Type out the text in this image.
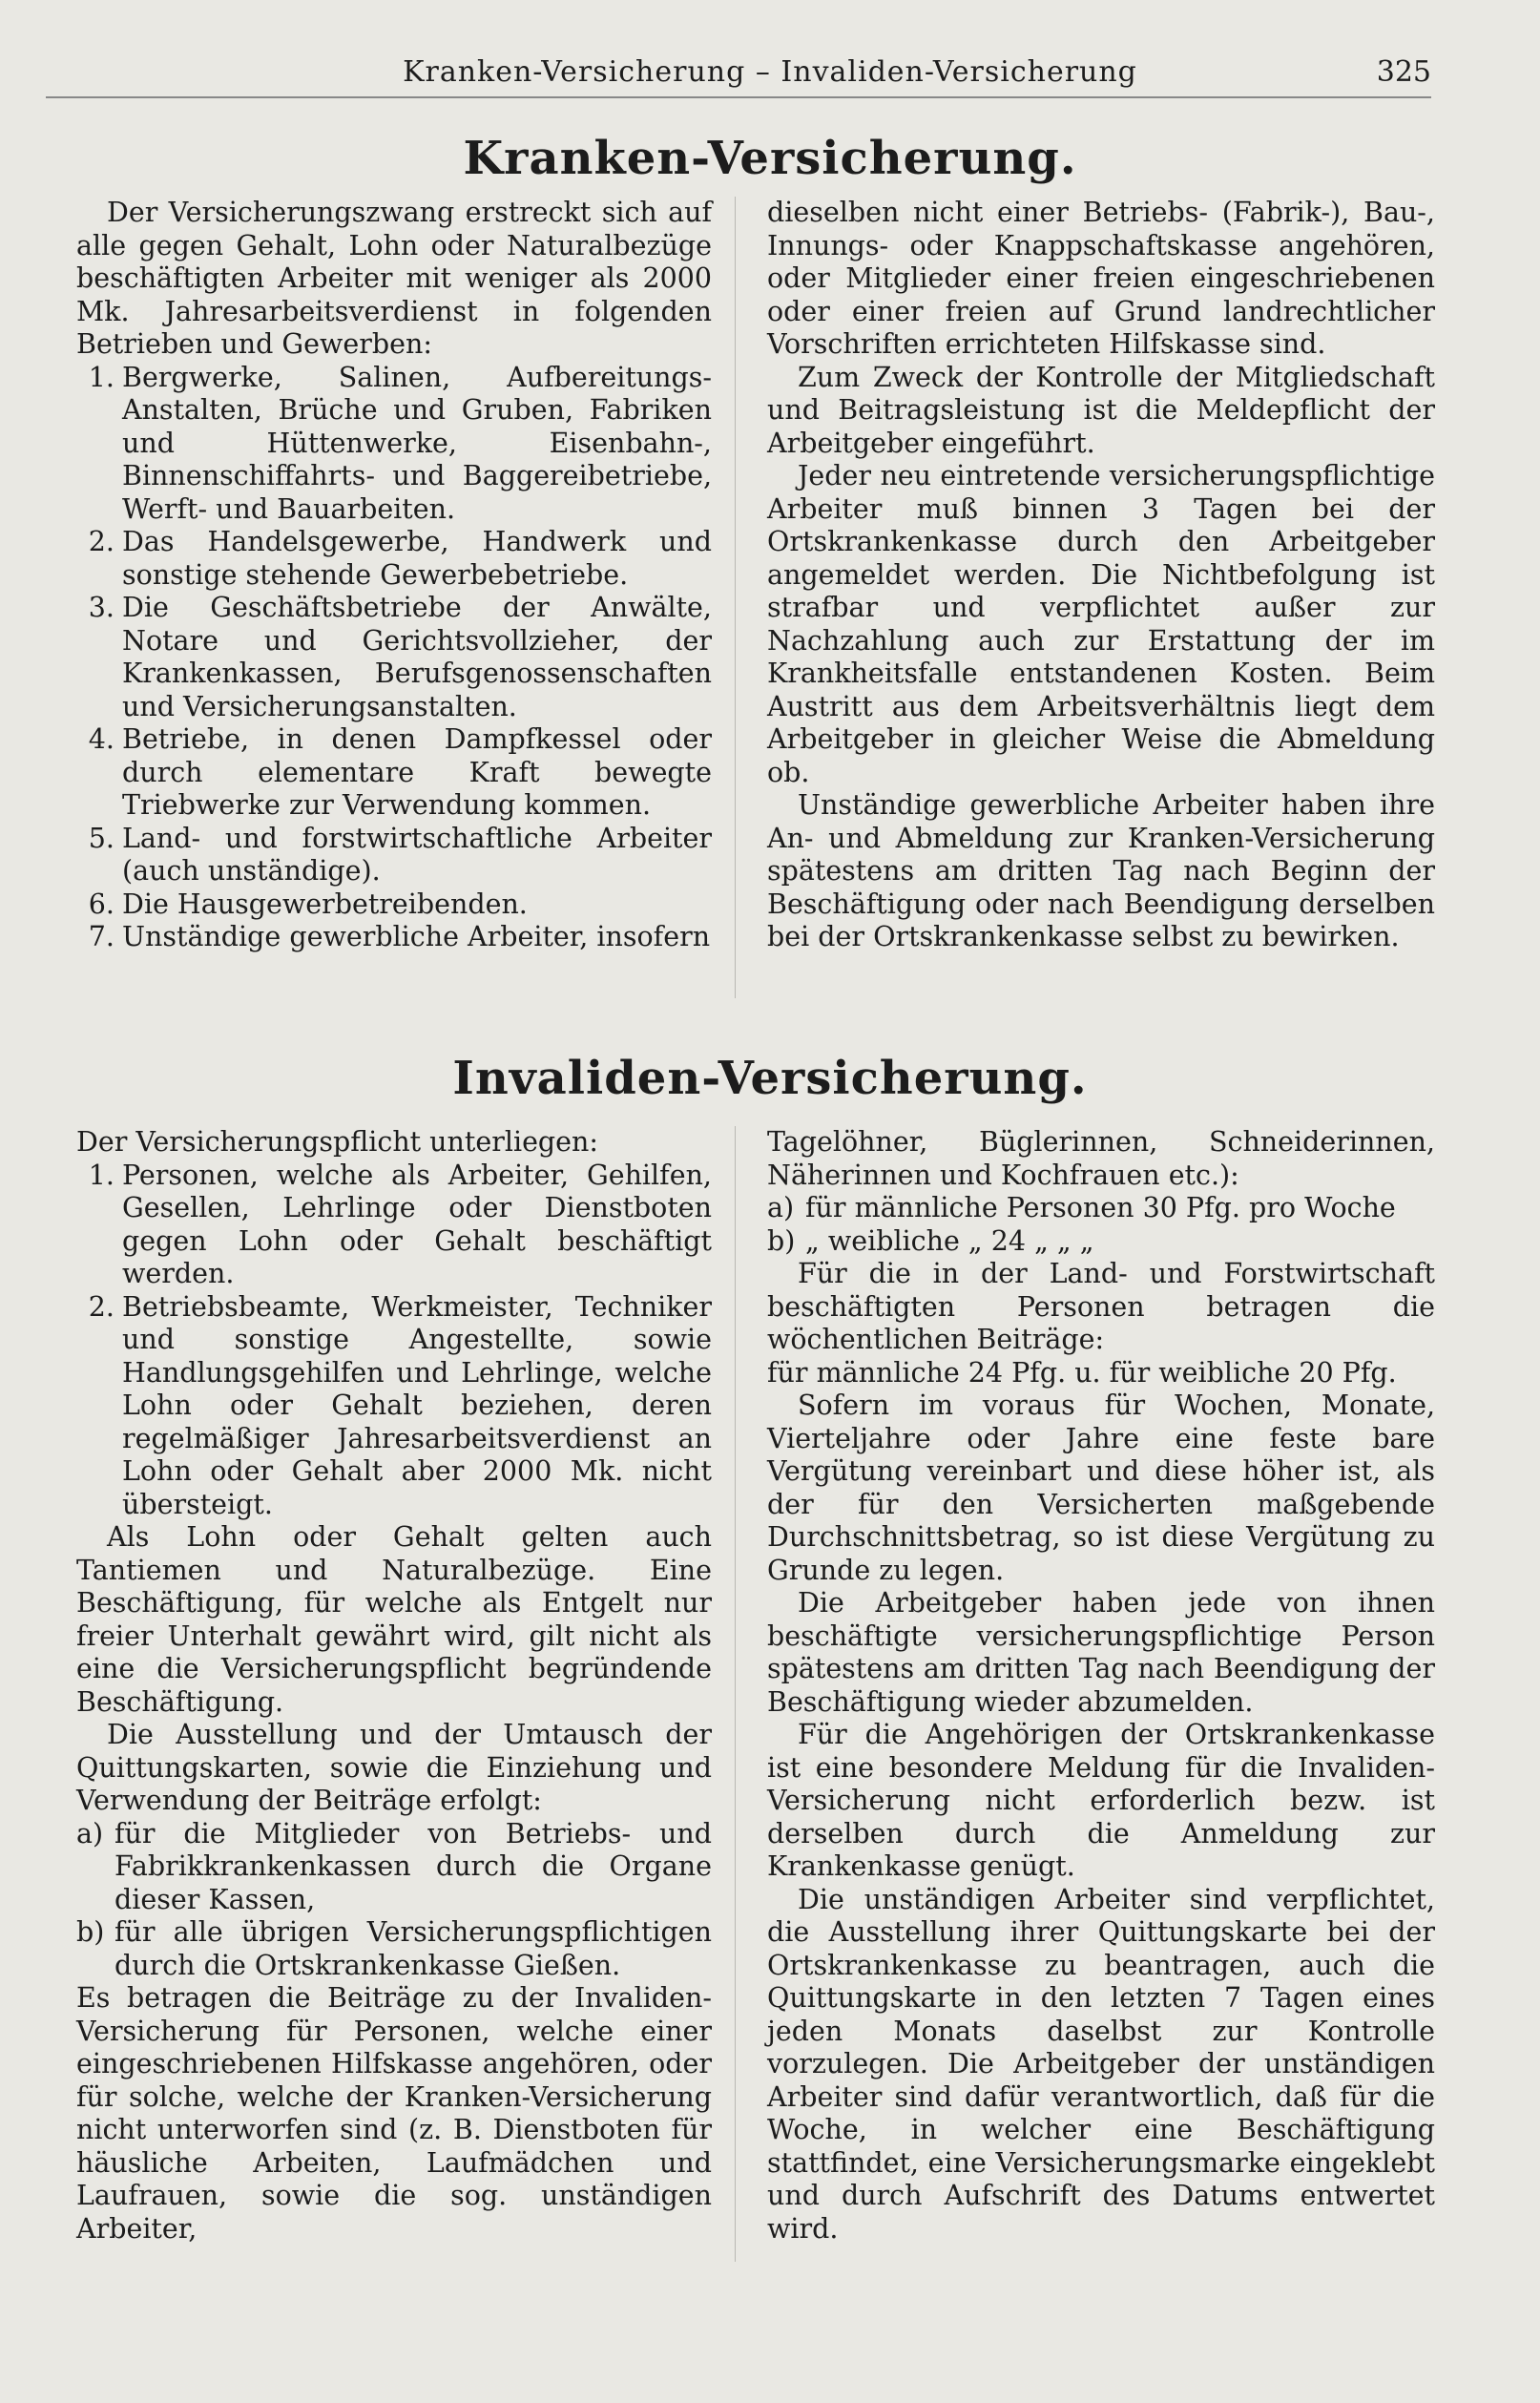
Kranken-Versicherung – Invaliden-Versicherung	325
Kranken-Versicherung.

Der Versicherungszwang erstreckt sich auf alle gegen Gehalt, Lohn oder Naturalbezüge beschäftigten Arbeiter mit weniger als 2000 Mk. Jahresarbeitsverdienst in folgenden Betrieben und Gewerben:

1. Bergwerke, Salinen, Aufbereitungs-Anstalten, Brüche und Gruben, Fabriken und Hüttenwerke, Eisenbahn-, Binnenschiffahrts- und Baggereibetriebe, Werft- und Bauarbeiten.
2. Das Handelsgewerbe, Handwerk und sonstige stehende Gewerbebetriebe.
3. Die Geschäftsbetriebe der Anwälte, Notare und Gerichtsvollzieher, der Krankenkassen, Berufsgenossenschaften und Versicherungsanstalten.
4. Betriebe, in denen Dampfkessel oder durch elementare Kraft bewegte Triebwerke zur Verwendung kommen.
5. Land- und forstwirtschaftliche Arbeiter (auch unständige).
6. Die Hausgewerbetreibenden.
7. Unständige gewerbliche Arbeiter, insofern

dieselben nicht einer Betriebs- (Fabrik-), Bau-, Innungs- oder Knappschaftskasse angehören, oder Mitglieder einer freien eingeschriebenen oder einer freien auf Grund landrechtlicher Vorschriften errichteten Hilfskasse sind.

Zum Zweck der Kontrolle der Mitgliedschaft und Beitragsleistung ist die Meldepflicht der Arbeitgeber eingeführt.

Jeder neu eintretende versicherungspflichtige Arbeiter muß binnen 3 Tagen bei der Ortskrankenkasse durch den Arbeitgeber angemeldet werden. Die Nichtbefolgung ist strafbar und verpflichtet außer zur Nachzahlung auch zur Erstattung der im Krankheitsfalle entstandenen Kosten. Beim Austritt aus dem Arbeitsverhältnis liegt dem Arbeitgeber in gleicher Weise die Abmeldung ob.

Unständige gewerbliche Arbeiter haben ihre An- und Abmeldung zur Kranken-Versicherung spätestens am dritten Tag nach Beginn der Beschäftigung oder nach Beendigung derselben bei der Ortskrankenkasse selbst zu bewirken.

Invaliden-Versicherung.

Der Versicherungspflicht unterliegen:

1. Personen, welche als Arbeiter, Gehilfen, Gesellen, Lehrlinge oder Dienstboten gegen Lohn oder Gehalt beschäftigt werden.
2. Betriebsbeamte, Werkmeister, Techniker und sonstige Angestellte, sowie Handlungsgehilfen und Lehrlinge, welche Lohn oder Gehalt beziehen, deren regelmäßiger Jahresarbeitsverdienst an Lohn oder Gehalt aber 2000 Mk. nicht übersteigt.

Als Lohn oder Gehalt gelten auch Tantiemen und Naturalbezüge. Eine Beschäftigung, für welche als Entgelt nur freier Unterhalt gewährt wird, gilt nicht als eine die Versicherungspflicht begründende Beschäftigung.

Die Ausstellung und der Umtausch der Quittungskarten, sowie die Einziehung und Verwendung der Beiträge erfolgt:

a) für die Mitglieder von Betriebs- und Fabrikkrankenkassen durch die Organe dieser Kassen,
b) für alle übrigen Versicherungspflichtigen durch die Ortskrankenkasse Gießen.

Es betragen die Beiträge zu der Invaliden-Versicherung für Personen, welche einer eingeschriebenen Hilfskasse angehören, oder für solche, welche der Kranken-Versicherung nicht unterworfen sind (z. B. Dienstboten für häusliche Arbeiten, Laufmädchen und Laufrauen, sowie die sog. unständigen Arbeiter,

Tagelöhner, Büglerinnen, Schneiderinnen, Näherinnen und Kochfrauen etc.):

a) für männliche Personen 30 Pfg. pro Woche
b) „ weibliche „ 24 „ „ „

Für die in der Land- und Forstwirtschaft beschäftigten Personen betragen die wöchentlichen Beiträge:

für männliche 24 Pfg. u. für weibliche 20 Pfg.

Sofern im voraus für Wochen, Monate, Vierteljahre oder Jahre eine feste bare Vergütung vereinbart und diese höher ist, als der für den Versicherten maßgebende Durchschnittsbetrag, so ist diese Vergütung zu Grunde zu legen.

Die Arbeitgeber haben jede von ihnen beschäftigte versicherungspflichtige Person spätestens am dritten Tag nach Beendigung der Beschäftigung wieder abzumelden.

Für die Angehörigen der Ortskrankenkasse ist eine besondere Meldung für die Invaliden-Versicherung nicht erforderlich bezw. ist derselben durch die Anmeldung zur Krankenkasse genügt.

Die unständigen Arbeiter sind verpflichtet, die Ausstellung ihrer Quittungskarte bei der Ortskrankenkasse zu beantragen, auch die Quittungskarte in den letzten 7 Tagen eines jeden Monats daselbst zur Kontrolle vorzulegen. Die Arbeitgeber der unständigen Arbeiter sind dafür verantwortlich, daß für die Woche, in welcher eine Beschäftigung stattfindet, eine Versicherungsmarke eingeklebt und durch Aufschrift des Datums entwertet wird.
